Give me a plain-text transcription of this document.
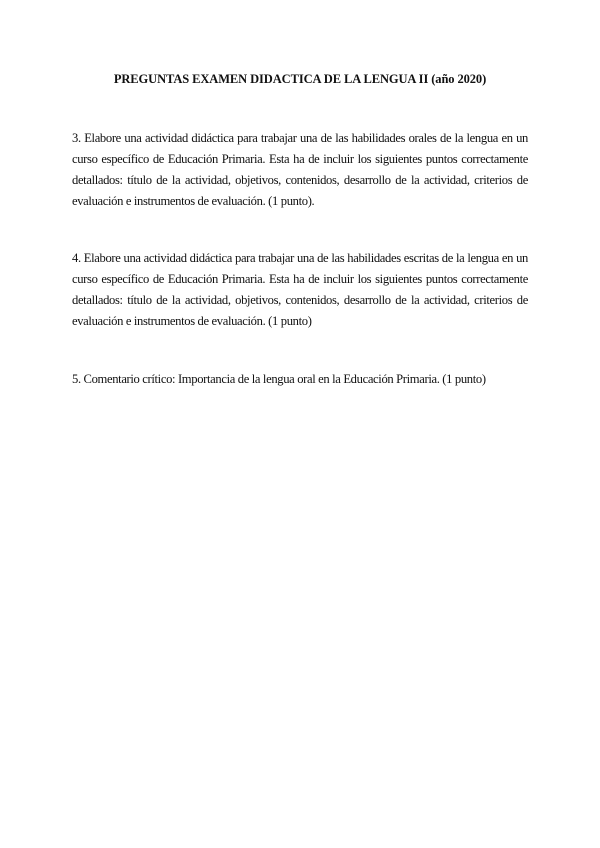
PREGUNTAS EXAMEN DIDACTICA DE LA LENGUA II (año 2020)

3. Elabore una actividad didáctica para trabajar una de las habilidades orales de la lengua en un curso específico de Educación Primaria. Esta ha de incluir los siguientes puntos correctamente detallados: título de la actividad, objetivos, contenidos, desarrollo de la actividad, criterios de evaluación e instrumentos de evaluación. (1 punto).

4. Elabore una actividad didáctica para trabajar una de las habilidades escritas de la lengua en un curso específico de Educación Primaria. Esta ha de incluir los siguientes puntos correctamente detallados: título de la actividad, objetivos, contenidos, desarrollo de la actividad, criterios de evaluación e instrumentos de evaluación. (1 punto)

5. Comentario crítico: Importancia de la lengua oral en la Educación Primaria. (1 punto)
